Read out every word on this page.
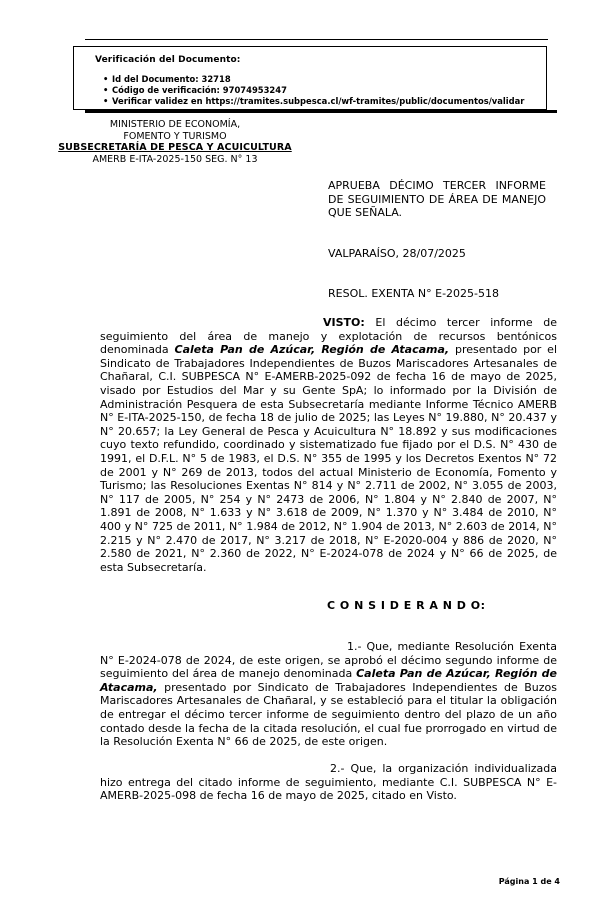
Verificación del Documento:
• Id del Documento: 32718
• Código de verificación: 97074953247
• Verificar validez en https://tramites.subpesca.cl/wf-tramites/public/documentos/validar
MINISTERIO DE ECONOMÍA,
FOMENTO Y TURISMO
SUBSECRETARÍA DE PESCA Y ACUICULTURA
AMERB E-ITA-2025-150 SEG. N° 13
APRUEBA DÉCIMO TERCER INFORME DE SEGUIMIENTO DE ÁREA DE MANEJO QUE SEÑALA.
VALPARAÍSO, 28/07/2025
RESOL. EXENTA N° E-2025-518

VISTO: El décimo tercer informe de seguimiento del área de manejo y explotación de recursos bentónicos denominada Caleta Pan de Azúcar, Región de Atacama, presentado por el Sindicato de Trabajadores Independientes de Buzos Mariscadores Artesanales de Chañaral, C.I. SUBPESCA N° E-AMERB-2025-092 de fecha 16 de mayo de 2025, visado por Estudios del Mar y su Gente SpA; lo informado por la División de Administración Pesquera de esta Subsecretaría mediante Informe Técnico AMERB N° E-ITA-2025-150, de fecha 18 de julio de 2025; las Leyes N° 19.880, N° 20.437 y N° 20.657; la Ley General de Pesca y Acuicultura N° 18.892 y sus modificaciones cuyo texto refundido, coordinado y sistematizado fue fijado por el D.S. N° 430 de 1991, el D.F.L. N° 5 de 1983, el D.S. N° 355 de 1995 y los Decretos Exentos N° 72 de 2001 y N° 269 de 2013, todos del actual Ministerio de Economía, Fomento y Turismo; las Resoluciones Exentas N° 814 y N° 2.711 de 2002, N° 3.055 de 2003, N° 117 de 2005, N° 254 y N° 2473 de 2006, N° 1.804 y N° 2.840 de 2007, N° 1.891 de 2008, N° 1.633 y N° 3.618 de 2009, N° 1.370 y N° 3.484 de 2010, N° 400 y N° 725 de 2011, N° 1.984 de 2012, N° 1.904 de 2013, N° 2.603 de 2014, N° 2.215 y N° 2.470 de 2017, N° 3.217 de 2018, N° E-2020-004 y 886 de 2020, N° 2.580 de 2021, N° 2.360 de 2022, N° E-2024-078 de 2024 y N° 66 de 2025, de esta Subsecretaría.

C O N S I D E R A N D O:

1.- Que, mediante Resolución Exenta N° E-2024-078 de 2024, de este origen, se aprobó el décimo segundo informe de seguimiento del área de manejo denominada Caleta Pan de Azúcar, Región de Atacama, presentado por Sindicato de Trabajadores Independientes de Buzos Mariscadores Artesanales de Chañaral, y se estableció para el titular la obligación de entregar el décimo tercer informe de seguimiento dentro del plazo de un año contado desde la fecha de la citada resolución, el cual fue prorrogado en virtud de la Resolución Exenta N° 66 de 2025, de este origen.

2.- Que, la organización individualizada hizo entrega del citado informe de seguimiento, mediante C.I. SUBPESCA N° E-AMERB-2025-098 de fecha 16 de mayo de 2025, citado en Visto.

Página 1 de 4
